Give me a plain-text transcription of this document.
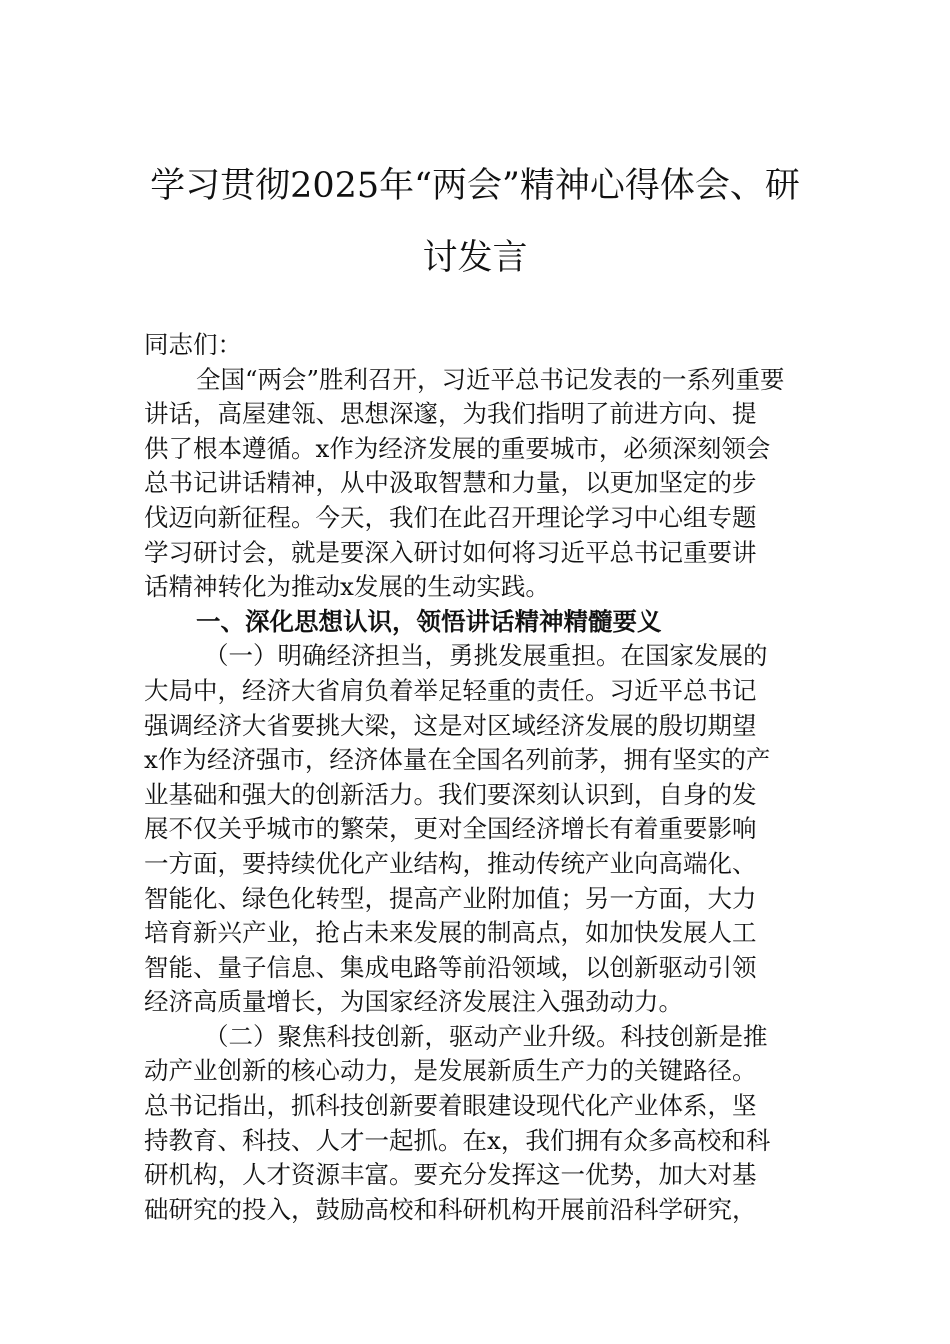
学习贯彻2025年“两会”精神心得体会、研
讨发言
同志们：
全国“两会”胜利召开，习近平总书记发表的一系列重要
讲话，高屋建瓴、思想深邃，为我们指明了前进方向、提
供了根本遵循。x作为经济发展的重要城市，必须深刻领会
总书记讲话精神，从中汲取智慧和力量，以更加坚定的步
伐迈向新征程。今天，我们在此召开理论学习中心组专题
学习研讨会，就是要深入研讨如何将习近平总书记重要讲
话精神转化为推动x发展的生动实践。
一、深化思想认识，领悟讲话精神精髓要义
（一）明确经济担当，勇挑发展重担。在国家发展的
大局中，经济大省肩负着举足轻重的责任。习近平总书记
强调经济大省要挑大梁，这是对区域经济发展的殷切期望
x作为经济强市，经济体量在全国名列前茅，拥有坚实的产
业基础和强大的创新活力。我们要深刻认识到，自身的发
展不仅关乎城市的繁荣，更对全国经济增长有着重要影响
一方面，要持续优化产业结构，推动传统产业向高端化、
智能化、绿色化转型，提高产业附加值；另一方面，大力
培育新兴产业，抢占未来发展的制高点，如加快发展人工
智能、量子信息、集成电路等前沿领域，以创新驱动引领
经济高质量增长，为国家经济发展注入强劲动力。
（二）聚焦科技创新，驱动产业升级。科技创新是推
动产业创新的核心动力，是发展新质生产力的关键路径。
总书记指出，抓科技创新要着眼建设现代化产业体系，坚
持教育、科技、人才一起抓。在x，我们拥有众多高校和科
研机构，人才资源丰富。要充分发挥这一优势，加大对基
础研究的投入，鼓励高校和科研机构开展前沿科学研究，
